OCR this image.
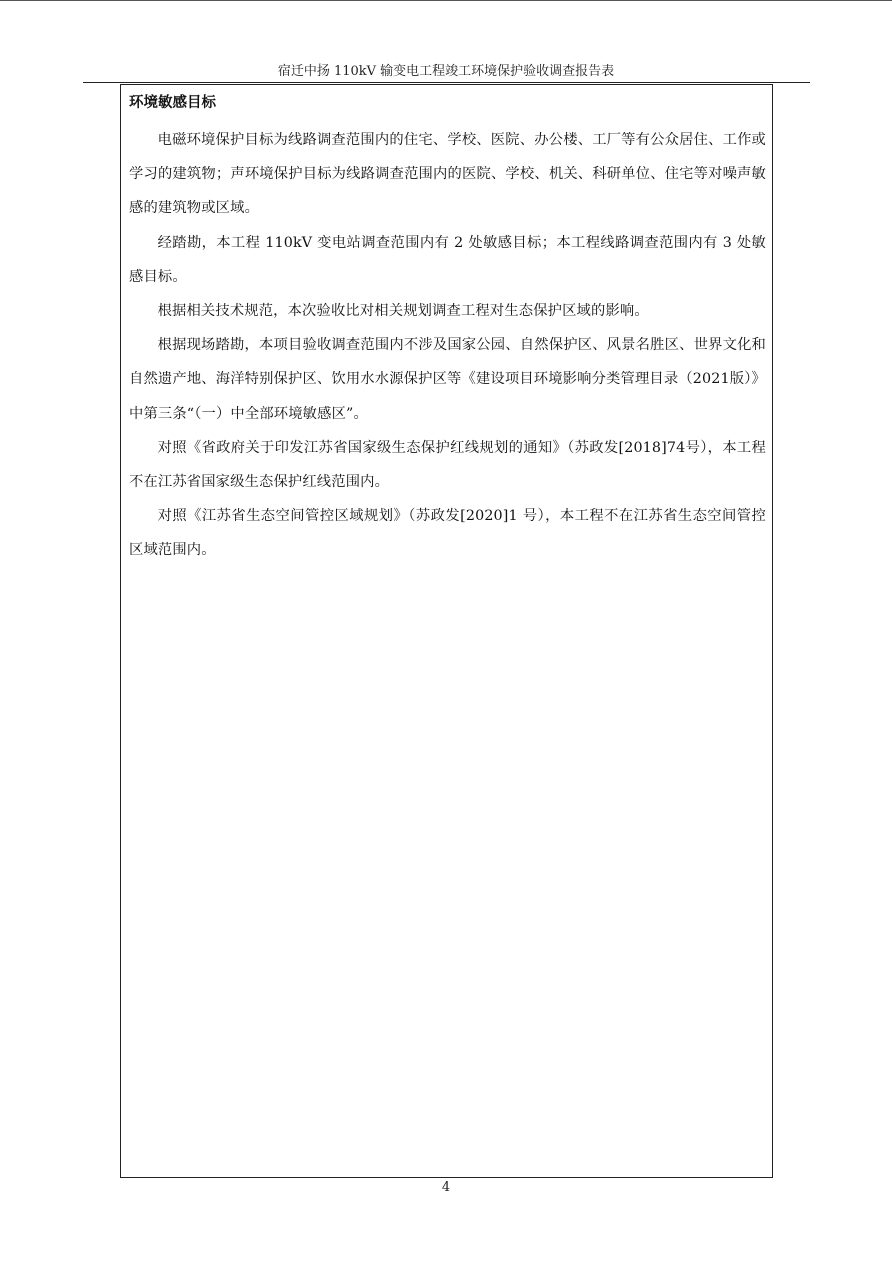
宿迁中扬 110kV 输变电工程竣工环境保护验收调查报告表
环境敏感目标

电磁环境保护目标为线路调查范围内的住宅、学校、医院、办公楼、工厂等有公众居住、工作或学习的建筑物；声环境保护目标为线路调查范围内的医院、学校、机关、科研单位、住宅等对噪声敏感的建筑物或区域。

经踏勘，本工程 110kV 变电站调查范围内有 2 处敏感目标；本工程线路调查范围内有 3 处敏感目标。

根据相关技术规范，本次验收比对相关规划调查工程对生态保护区域的影响。

根据现场踏勘，本项目验收调查范围内不涉及国家公园、自然保护区、风景名胜区、世界文化和自然遗产地、海洋特别保护区、饮用水水源保护区等《建设项目环境影响分类管理目录（2021版）》中第三条“（一）中全部环境敏感区”。

对照《省政府关于印发江苏省国家级生态保护红线规划的通知》（苏政发[2018]74号），本工程不在江苏省国家级生态保护红线范围内。

对照《江苏省生态空间管控区域规划》（苏政发[2020]1 号），本工程不在江苏省生态空间管控区域范围内。

4
